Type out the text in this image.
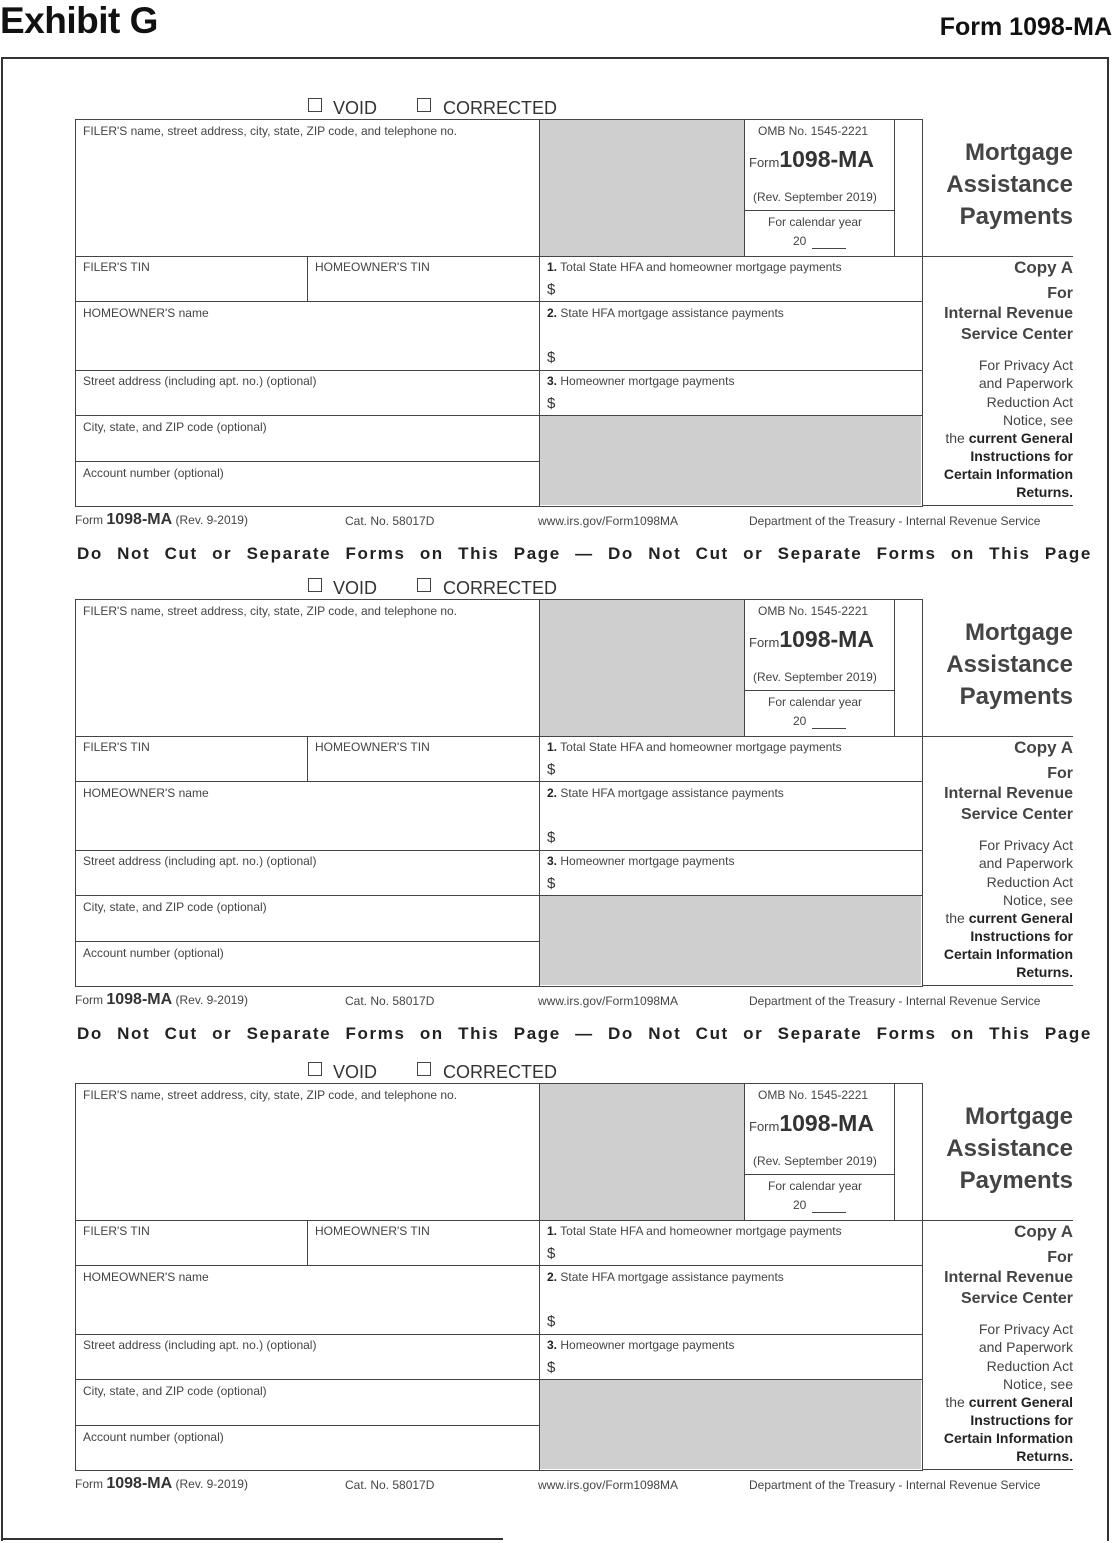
Exhibit G	Form 1098-MA
Do Not Cut or Separate Forms on This Page — Do Not Cut or Separate Forms on This Page
Do Not Cut or Separate Forms on This Page — Do Not Cut or Separate Forms on This Page
VOID	CORRECTED
FILER'S name, street address, city, state, ZIP code, and telephone no.	OMB No. 1545-2221
Form1098-MA
(Rev. September 2019)
For calendar year
20
Mortgage
Assistance
Payments
FILER'S TIN	HOMEOWNER'S TIN	1. Total State HFA and homeowner mortgage payments
$
HOMEOWNER'S name	2. State HFA mortgage assistance payments
$
Street address (including apt. no.) (optional)	3. Homeowner mortgage payments
$
City, state, and ZIP code (optional)
Account number (optional)
Copy A
For
Internal Revenue
Service Center
For Privacy Act
and Paperwork
Reduction Act
Notice, see
the current General
Instructions for
Certain Information
Returns.
Form 1098-MA (Rev. 9-2019)	Cat. No. 58017D	www.irs.gov/Form1098MA	Department of the Treasury - Internal Revenue Service
VOID	CORRECTED
FILER'S name, street address, city, state, ZIP code, and telephone no.	OMB No. 1545-2221
Form1098-MA
(Rev. September 2019)
For calendar year
20
Mortgage
Assistance
Payments
FILER'S TIN	HOMEOWNER'S TIN	1. Total State HFA and homeowner mortgage payments
$
HOMEOWNER'S name	2. State HFA mortgage assistance payments
$
Street address (including apt. no.) (optional)	3. Homeowner mortgage payments
$
City, state, and ZIP code (optional)
Account number (optional)
Copy A
For
Internal Revenue
Service Center
For Privacy Act
and Paperwork
Reduction Act
Notice, see
the current General
Instructions for
Certain Information
Returns.
Form 1098-MA (Rev. 9-2019)	Cat. No. 58017D	www.irs.gov/Form1098MA	Department of the Treasury - Internal Revenue Service
VOID	CORRECTED
FILER'S name, street address, city, state, ZIP code, and telephone no.	OMB No. 1545-2221
Form1098-MA
(Rev. September 2019)
For calendar year
20
Mortgage
Assistance
Payments
FILER'S TIN	HOMEOWNER'S TIN	1. Total State HFA and homeowner mortgage payments
$
HOMEOWNER'S name	2. State HFA mortgage assistance payments
$
Street address (including apt. no.) (optional)	3. Homeowner mortgage payments
$
City, state, and ZIP code (optional)
Account number (optional)
Copy A
For
Internal Revenue
Service Center
For Privacy Act
and Paperwork
Reduction Act
Notice, see
the current General
Instructions for
Certain Information
Returns.
Form 1098-MA (Rev. 9-2019)	Cat. No. 58017D	www.irs.gov/Form1098MA	Department of the Treasury - Internal Revenue Service
